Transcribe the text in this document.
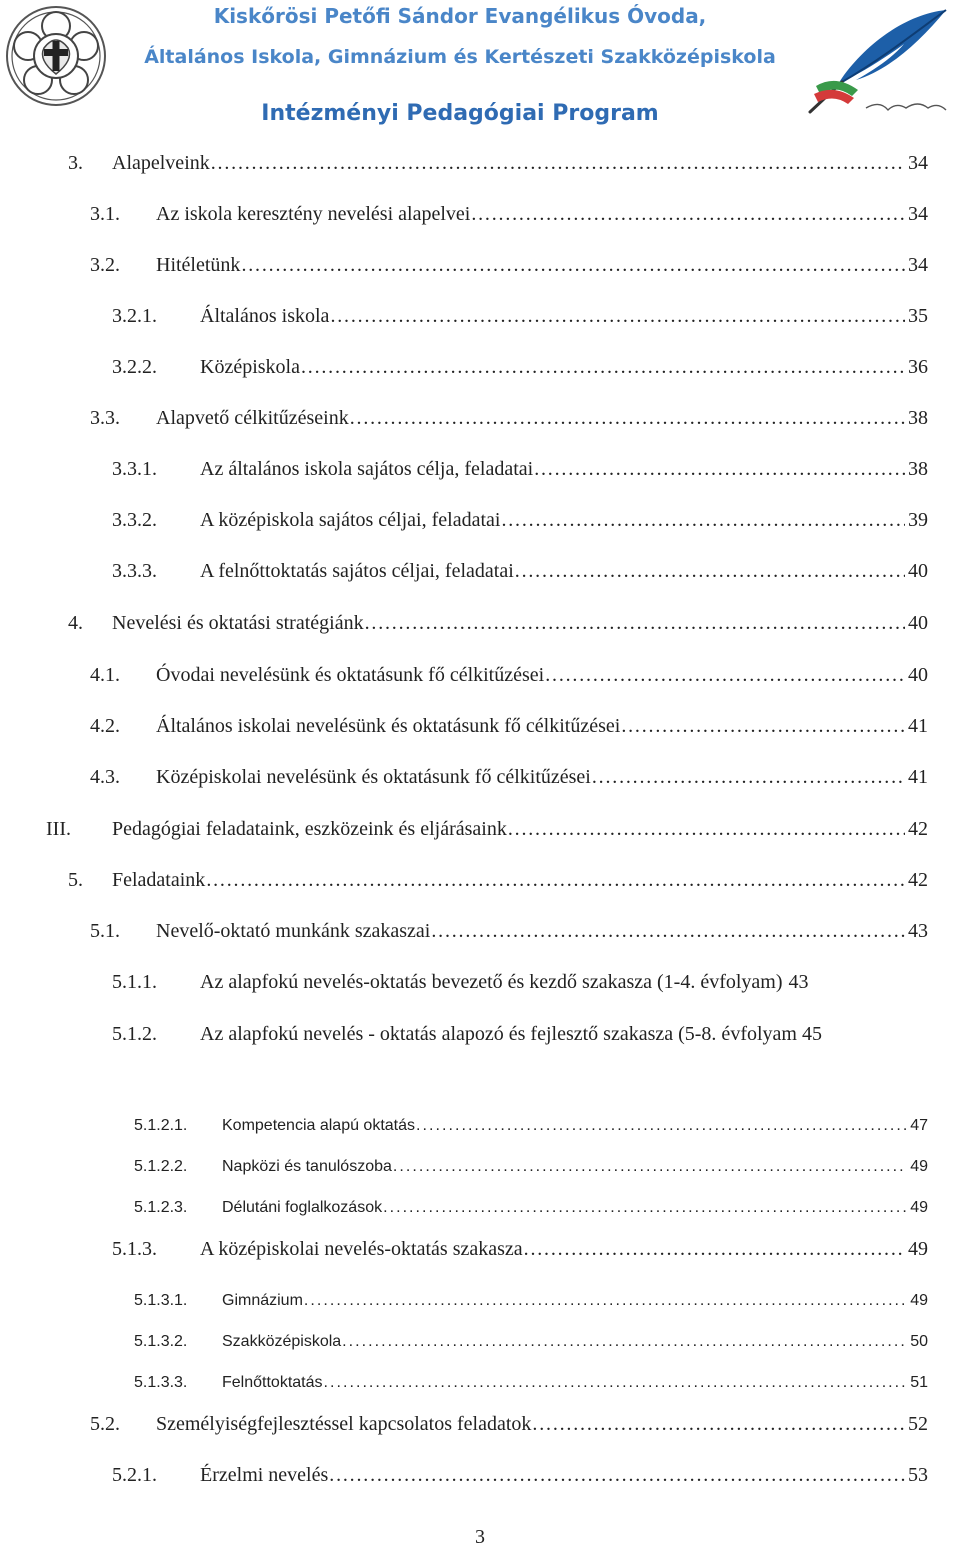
Kiskőrösi Petőfi Sándor Evangélikus Óvoda,
Általános Iskola, Gimnázium és Kertészeti Szakközépiskola
Intézményi Pedagógiai Program
3. Alapelveink . . .	34
3.1. Az iskola keresztény nevelési alapelvei . . .	34
3.2. Hitéletünk . . .	34
3.2.1. Általános iskola . . .	35
3.2.2. Középiskola . . .	36
3.3. Alapvető célkitűzéseink . . .	38
3.3.1. Az általános iskola sajátos célja, feladatai . . .	38
3.3.2. A középiskola sajátos céljai, feladatai . . .	39
3.3.3. A felnőttoktatás sajátos céljai, feladatai . . .	40
4. Nevelési és oktatási stratégiánk . . .	40
4.1. Óvodai nevelésünk és oktatásunk fő célkitűzései . . .	40
4.2. Általános iskolai nevelésünk és oktatásunk fő célkitűzései . . .	41
4.3. Középiskolai nevelésünk és oktatásunk fő célkitűzései . . .	41
III. Pedagógiai feladataink, eszközeink és eljárásaink . . .	42
5. Feladataink . . .	42
5.1. Nevelő-oktató munkánk szakaszai . . .	43
5.1.1. Az alapfokú nevelés-oktatás bevezető és kezdő szakasza (1-4. évfolyam) 43
5.1.2. Az alapfokú nevelés - oktatás alapozó és fejlesztő szakasza (5-8. évfolyam 45
5.1.2.1. Kompetencia alapú oktatás . . .	47
5.1.2.2. Napközi és tanulószoba . . .	49
5.1.2.3. Délutáni foglalkozások . . .	49
5.1.3. A középiskolai nevelés-oktatás szakasza . . .	49
5.1.3.1. Gimnázium . . .	49
5.1.3.2. Szakközépiskola . . .	50
5.1.3.3. Felnőttoktatás . . .	51
5.2. Személyiségfejlesztéssel kapcsolatos feladatok . . .	52
5.2.1. Érzelmi nevelés . . .	53
3
